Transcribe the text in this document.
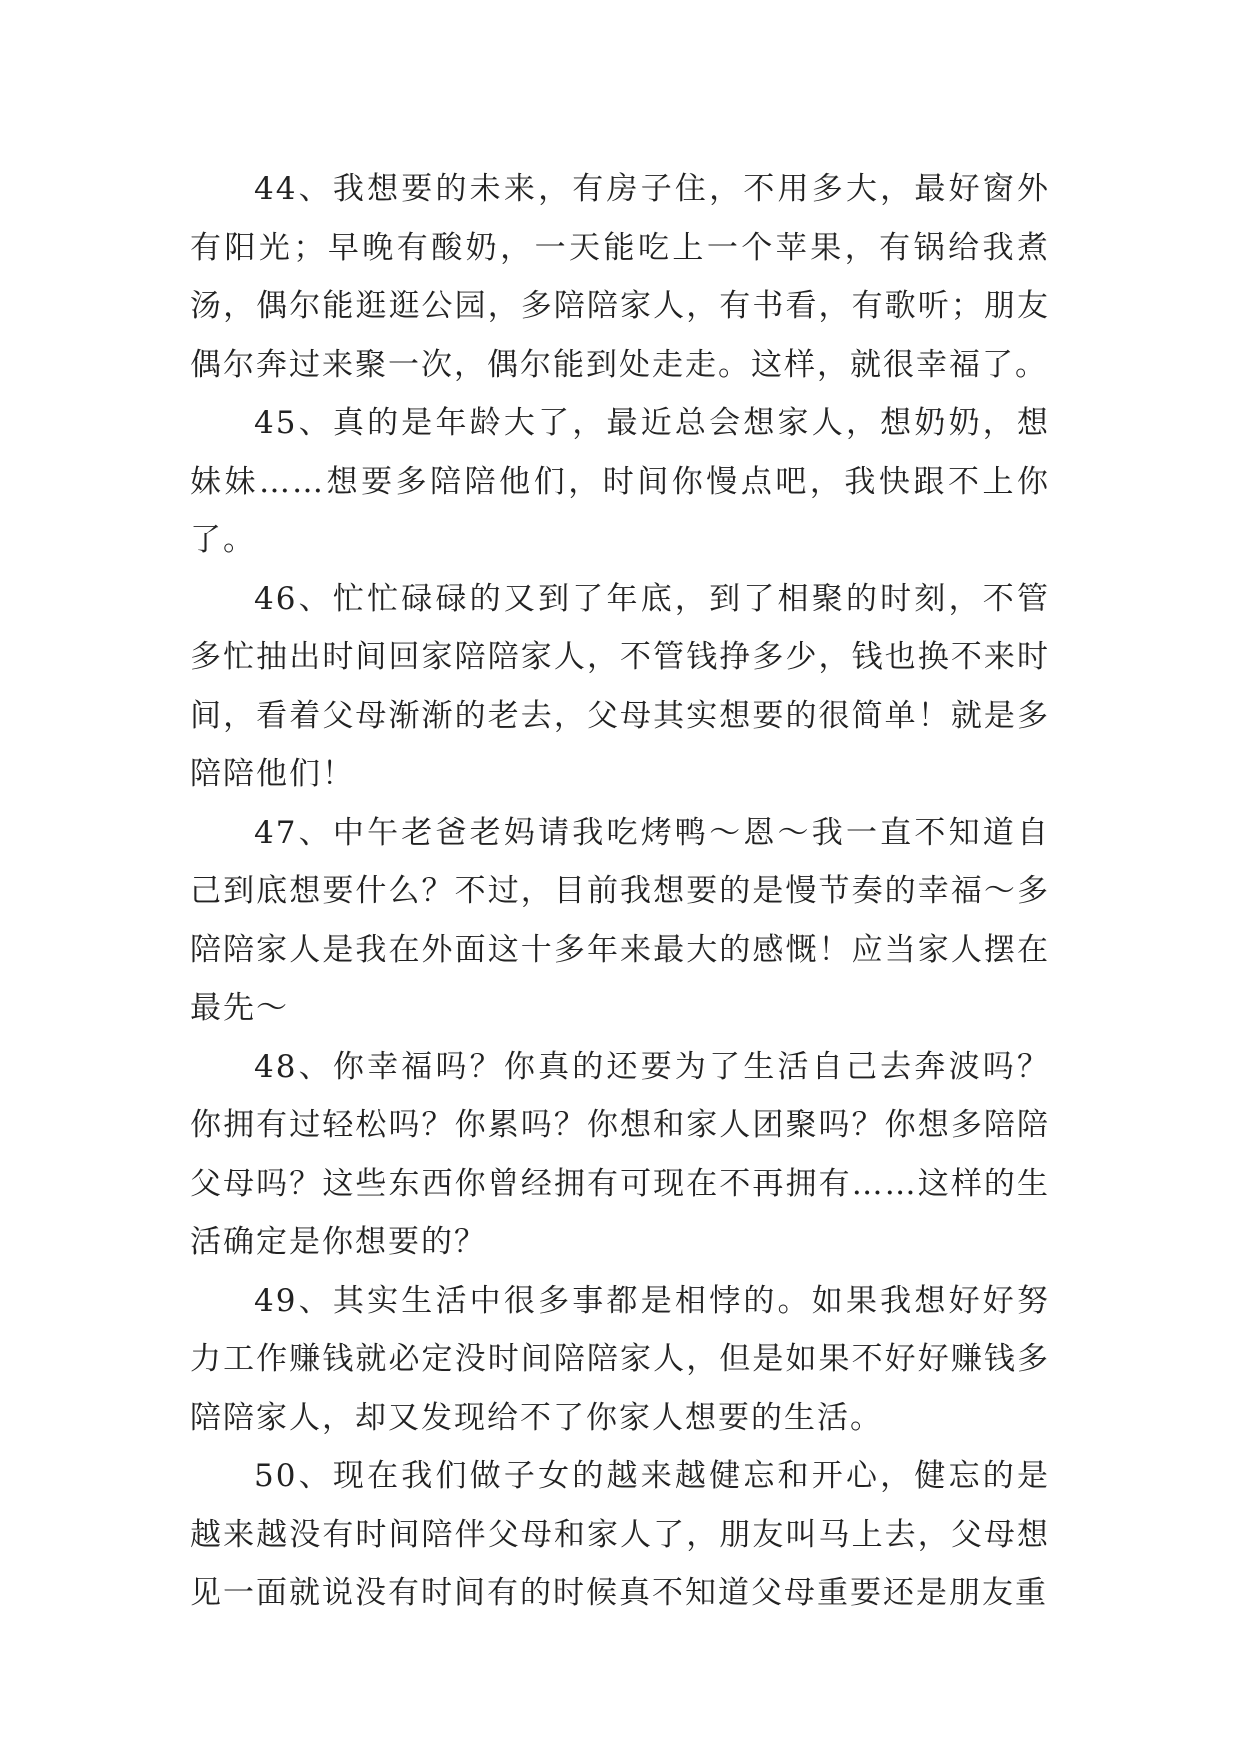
44、我想要的未来，有房子住，不用多大，最好窗外有阳光；早晚有酸奶，一天能吃上一个苹果，有锅给我煮汤，偶尔能逛逛公园，多陪陪家人，有书看，有歌听；朋友偶尔奔过来聚一次，偶尔能到处走走。这样，就很幸福了。

45、真的是年龄大了，最近总会想家人，想奶奶，想妹妹……想要多陪陪他们，时间你慢点吧，我快跟不上你了。

46、忙忙碌碌的又到了年底，到了相聚的时刻，不管多忙抽出时间回家陪陪家人，不管钱挣多少，钱也换不来时间，看着父母渐渐的老去，父母其实想要的很简单！就是多陪陪他们！

47、中午老爸老妈请我吃烤鸭～恩～我一直不知道自己到底想要什么？不过，目前我想要的是慢节奏的幸福～多陪陪家人是我在外面这十多年来最大的感慨！应当家人摆在最先～

48、你幸福吗？你真的还要为了生活自己去奔波吗？你拥有过轻松吗？你累吗？你想和家人团聚吗？你想多陪陪父母吗？这些东西你曾经拥有可现在不再拥有……这样的生活确定是你想要的？

49、其实生活中很多事都是相悖的。如果我想好好努力工作赚钱就必定没时间陪陪家人，但是如果不好好赚钱多陪陪家人，却又发现给不了你家人想要的生活。

50、现在我们做子女的越来越健忘和开心，健忘的是越来越没有时间陪伴父母和家人了，朋友叫马上去，父母想见一面就说没有时间有的时候真不知道父母重要还是朋友重
